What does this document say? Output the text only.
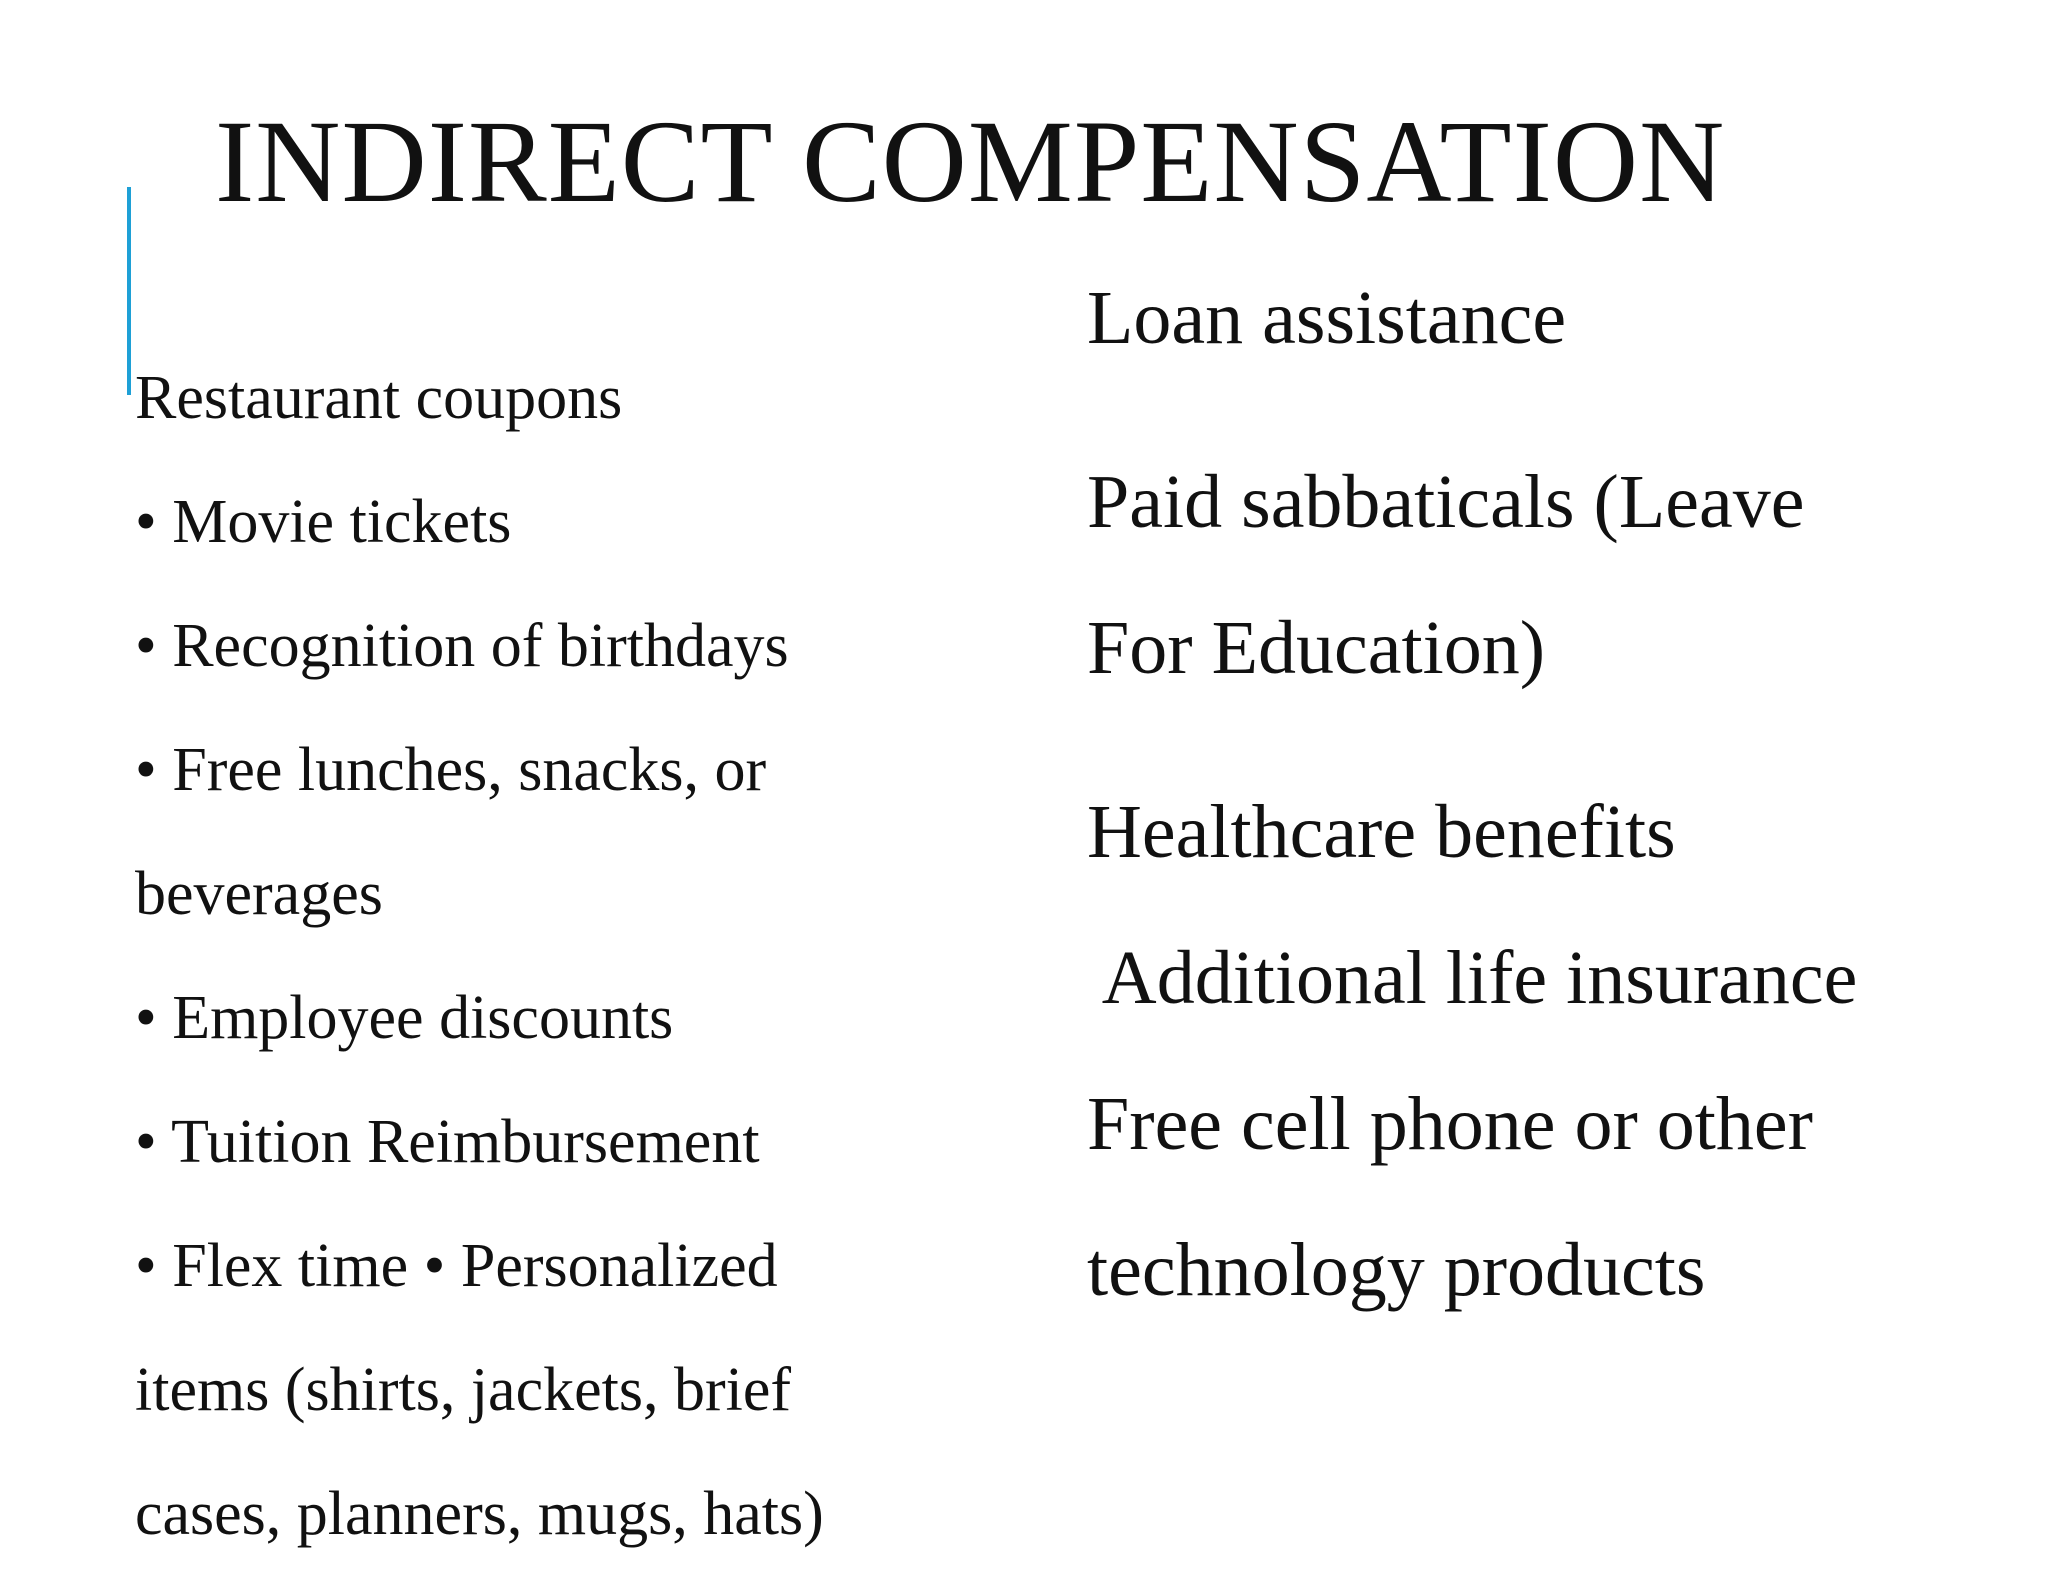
INDIRECT COMPENSATION
Restaurant coupons
• Movie tickets
• Recognition of birthdays
• Free lunches, snacks, or
beverages
• Employee discounts
• Tuition Reimbursement
• Flex time • Personalized
items (shirts, jackets, brief
cases, planners, mugs, hats)
Loan assistance
Paid sabbaticals (Leave
For Education)
Healthcare benefits
Additional life insurance
Free cell phone or other
technology products
